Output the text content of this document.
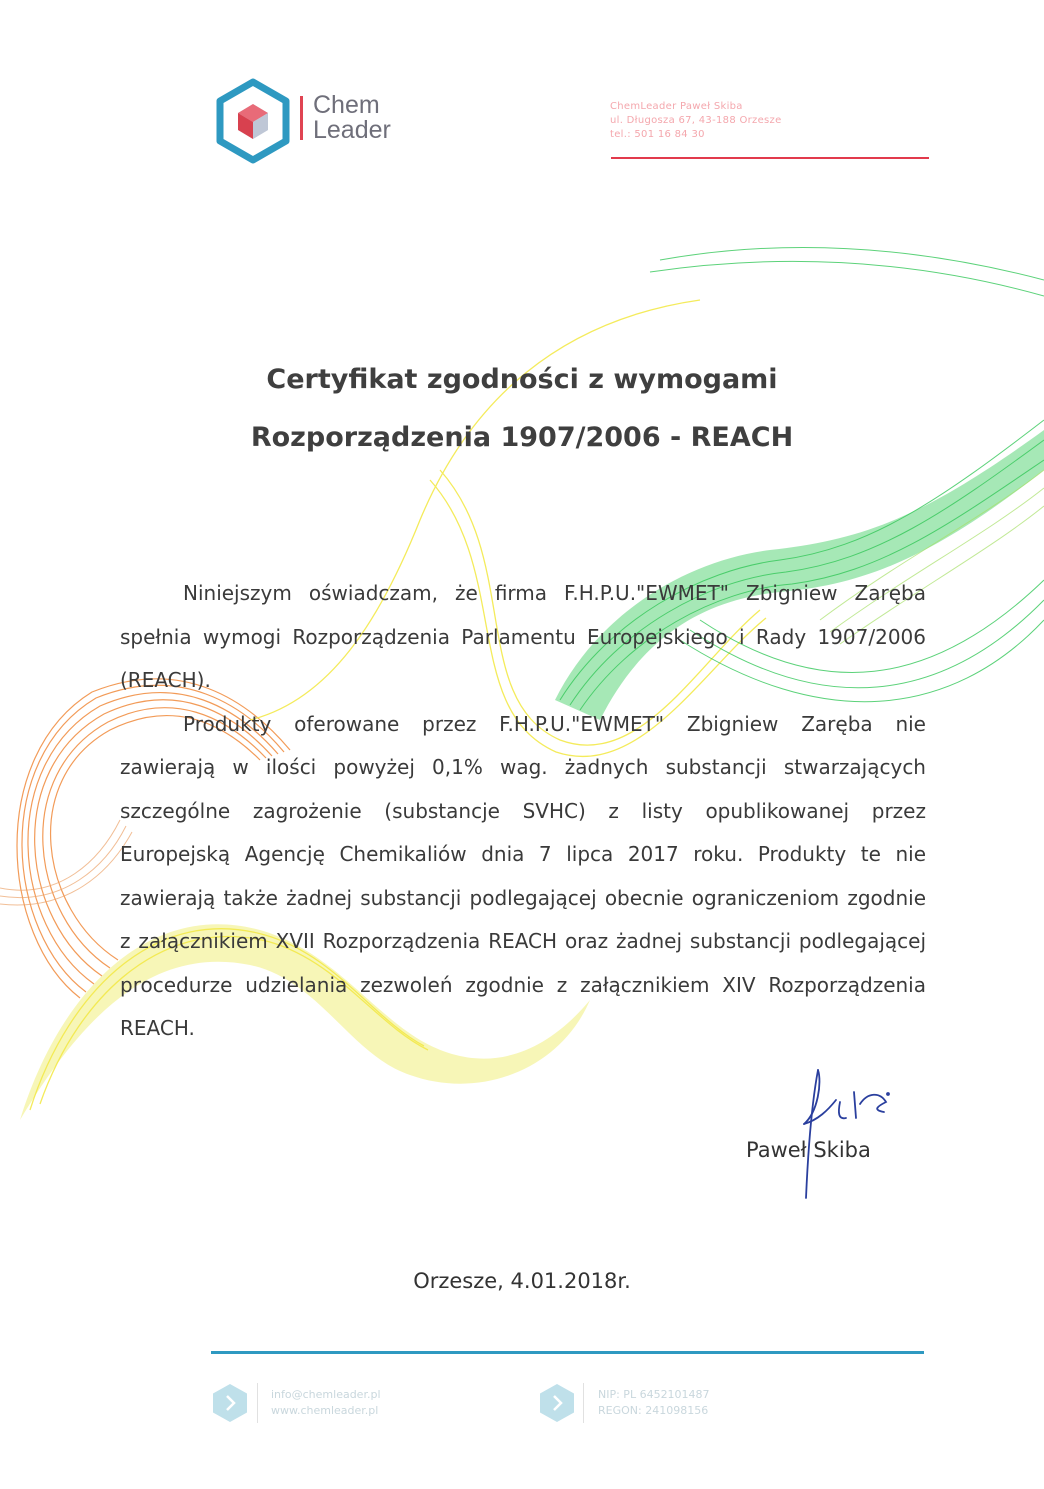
Chem
Leader
ChemLeader Paweł Skiba
ul. Długosza 67, 43-188 Orzesze
tel.: 501 16 84 30
Certyfikat zgodności z wymogami
Rozporządzenia 1907/2006 - REACH

Niniejszym oświadczam, że firma F.H.P.U."EWMET" Zbigniew Zaręba spełnia wymogi Rozporządzenia Parlamentu Europejskiego i Rady 1907/2006 (REACH).

Produkty oferowane przez F.H.P.U."EWMET" Zbigniew Zaręba nie zawierają w ilości powyżej 0,1% wag. żadnych substancji stwarzających szczególne zagrożenie (substancje SVHC) z listy opublikowanej przez Europejską Agencję Chemikaliów dnia 7 lipca 2017 roku. Produkty te nie zawierają także żadnej substancji podlegającej obecnie ograniczeniom zgodnie z załącznikiem XVII Rozporządzenia REACH oraz żadnej substancji podlegającej procedurze udzielania zezwoleń zgodnie z załącznikiem XIV Rozporządzenia REACH.

Paweł Skiba
Orzesze, 4.01.2018r.
info@chemleader.pl
www.chemleader.pl
NIP: PL 6452101487
REGON: 241098156
